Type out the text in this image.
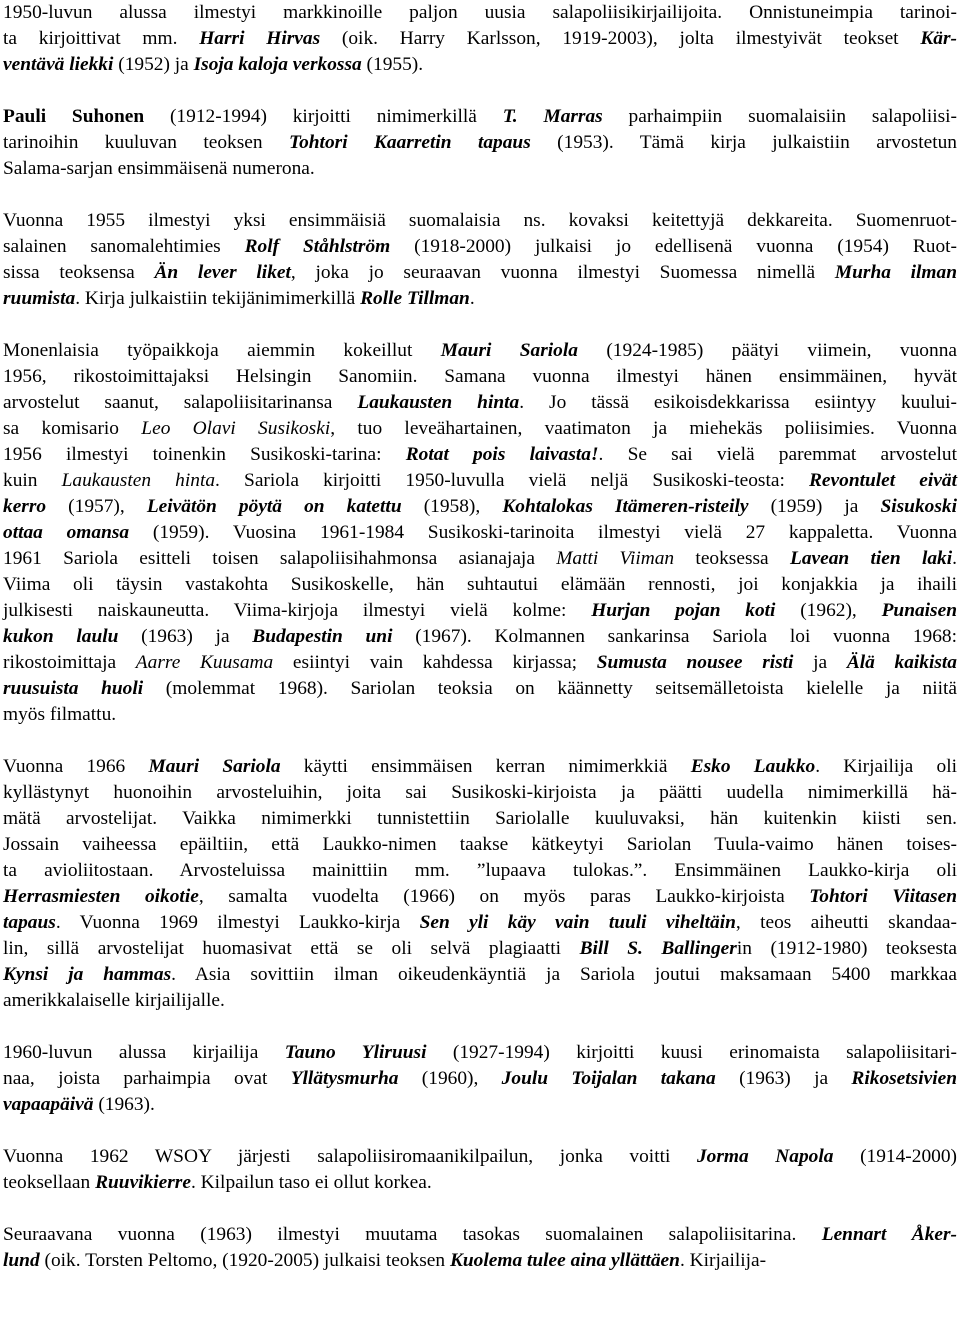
1950-luvun alussa ilmestyi markkinoille paljon uusia salapoliisikirjailijoita. Onnistuneimpia tarinoi-
ta kirjoittivat mm. Harri Hirvas (oik. Harry Karlsson, 1919-2003), jolta ilmestyivät teokset Kär-
ventävä liekki (1952) ja Isoja kaloja verkossa (1955).
Pauli Suhonen (1912-1994) kirjoitti nimimerkillä T. Marras parhaimpiin suomalaisiin salapoliisi-
tarinoihin kuuluvan teoksen Tohtori Kaarretin tapaus (1953). Tämä kirja julkaistiin arvostetun
Salama-sarjan ensimmäisenä numerona.
Vuonna 1955 ilmestyi yksi ensimmäisiä suomalaisia ns. kovaksi keitettyjä dekkareita. Suomenruot-
salainen sanomalehtimies Rolf Ståhlström (1918-2000) julkaisi jo edellisenä vuonna (1954) Ruot-
sissa teoksensa Än lever liket, joka jo seuraavan vuonna ilmestyi Suomessa nimellä Murha ilman
ruumista. Kirja julkaistiin tekijänimimerkillä Rolle Tillman.
Monenlaisia työpaikkoja aiemmin kokeillut Mauri Sariola (1924-1985) päätyi viimein, vuonna
1956, rikostoimittajaksi Helsingin Sanomiin. Samana vuonna ilmestyi hänen ensimmäinen, hyvät
arvostelut saanut, salapoliisitarinansa Laukausten hinta. Jo tässä esikoisdekkarissa esiintyy kuului-
sa komisario Leo Olavi Susikoski, tuo leveähartainen, vaatimaton ja miehekäs poliisimies. Vuonna
1956 ilmestyi toinenkin Susikoski-tarina: Rotat pois laivasta!. Se sai vielä paremmat arvostelut
kuin Laukausten hinta. Sariola kirjoitti 1950-luvulla vielä neljä Susikoski-teosta: Revontulet eivät
kerro (1957), Leivätön pöytä on katettu (1958), Kohtalokas Itämeren-risteily (1959) ja Sisukoski
ottaa omansa (1959). Vuosina 1961-1984 Susikoski-tarinoita ilmestyi vielä 27 kappaletta. Vuonna
1961 Sariola esitteli toisen salapoliisihahmonsa asianajaja Matti Viiman teoksessa Lavean tien laki.
Viima oli täysin vastakohta Susikoskelle, hän suhtautui elämään rennosti, joi konjakkia ja ihaili
julkisesti naiskauneutta. Viima-kirjoja ilmestyi vielä kolme: Hurjan pojan koti (1962), Punaisen
kukon laulu (1963) ja Budapestin uni (1967). Kolmannen sankarinsa Sariola loi vuonna 1968:
rikostoimittaja Aarre Kuusama esiintyi vain kahdessa kirjassa; Sumusta nousee risti ja Älä kaikista
ruusuista huoli (molemmat 1968). Sariolan teoksia on käännetty seitsemälletoista kielelle ja niitä
myös filmattu.
Vuonna 1966 Mauri Sariola käytti ensimmäisen kerran nimimerkkiä Esko Laukko. Kirjailija oli
kyllästynyt huonoihin arvosteluihin, joita sai Susikoski-kirjoista ja päätti uudella nimimerkillä hä-
mätä arvostelijat. Vaikka nimimerkki tunnistettiin Sariolalle kuuluvaksi, hän kuitenkin kiisti sen.
Jossain vaiheessa epäiltiin, että Laukko-nimen taakse kätkeytyi Sariolan Tuula-vaimo hänen toises-
ta avioliitostaan. Arvosteluissa mainittiin mm. ”lupaava tulokas.”. Ensimmäinen Laukko-kirja oli
Herrasmiesten oikotie, samalta vuodelta (1966) on myös paras Laukko-kirjoista Tohtori Viitasen
tapaus. Vuonna 1969 ilmestyi Laukko-kirja Sen yli käy vain tuuli viheltäin, teos aiheutti skandaa-
lin, sillä arvostelijat huomasivat että se oli selvä plagiaatti Bill S. Ballingerin (1912-1980) teoksesta
Kynsi ja hammas. Asia sovittiin ilman oikeudenkäyntiä ja Sariola joutui maksamaan 5400 markkaa
amerikkalaiselle kirjailijalle.
1960-luvun alussa kirjailija Tauno Yliruusi (1927-1994) kirjoitti kuusi erinomaista salapoliisitari-
naa, joista parhaimpia ovat Yllätysmurha (1960), Joulu Toijalan takana (1963) ja Rikosetsivien
vapaapäivä (1963).
Vuonna 1962 WSOY järjesti salapoliisiromaanikilpailun, jonka voitti Jorma Napola (1914-2000)
teoksellaan Ruuvikierre. Kilpailun taso ei ollut korkea.
Seuraavana vuonna (1963) ilmestyi muutama tasokas suomalainen salapoliisitarina. Lennart Åker-
lund (oik. Torsten Peltomo, (1920-2005) julkaisi teoksen Kuolema tulee aina yllättäen. Kirjailija-
